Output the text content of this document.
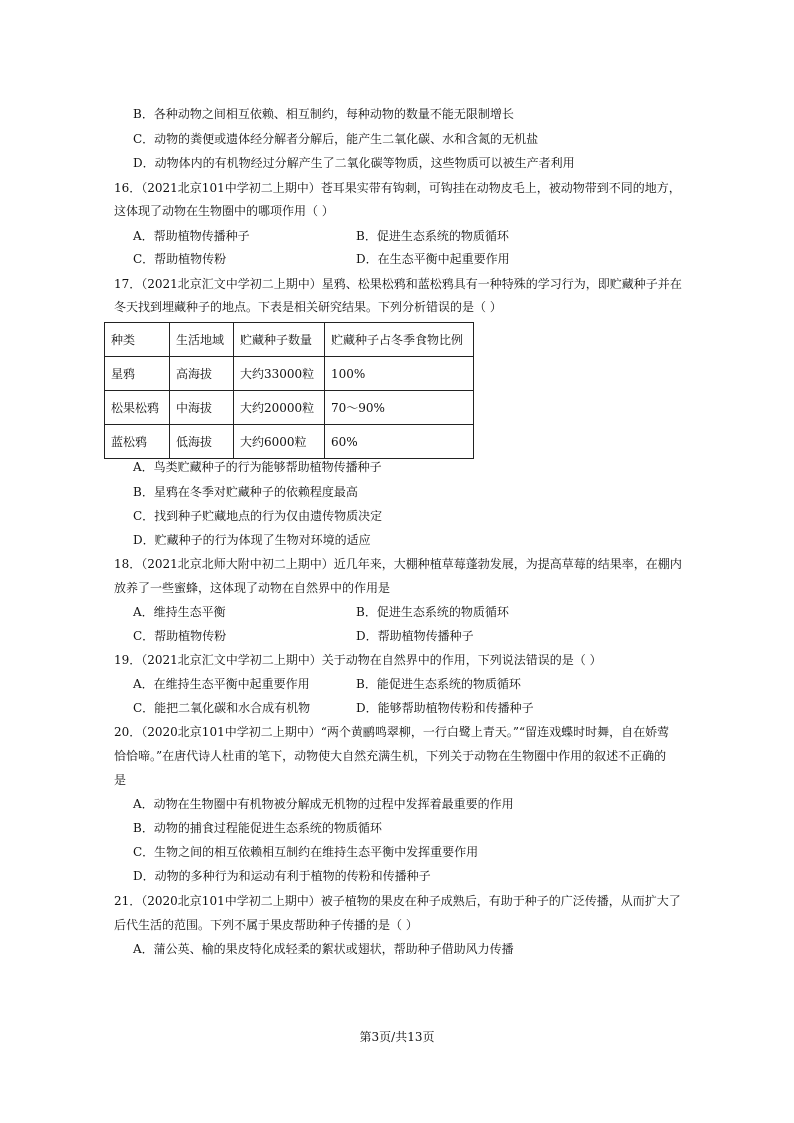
B．各种动物之间相互依赖、相互制约，每种动物的数量不能无限制增长
C．动物的粪便或遗体经分解者分解后，能产生二氧化碳、水和含氮的无机盐
D．动物体内的有机物经过分解产生了二氧化碳等物质，这些物质可以被生产者利用
16．（2021北京101中学初二上期中）苍耳果实带有钩刺，可钩挂在动物皮毛上，被动物带到不同的地方，
这体现了动物在生物圈中的哪项作用（ ）
A．帮助植物传播种子	B．促进生态系统的物质循环
C．帮助植物传粉	D．在生态平衡中起重要作用
17．（2021北京汇文中学初二上期中）星鸦、松果松鸦和蓝松鸦具有一种特殊的学习行为，即贮藏种子并在
冬天找到埋藏种子的地点。下表是相关研究结果。下列分析错误的是（ ）
种类	生活地域	贮藏种子数量	贮藏种子占冬季食物比例
星鸦	高海拔	大约33000粒	100%
松果松鸦	中海拔	大约20000粒	70～90%
蓝松鸦	低海拔	大约6000粒	60%
A．鸟类贮藏种子的行为能够帮助植物传播种子
B．星鸦在冬季对贮藏种子的依赖程度最高
C．找到种子贮藏地点的行为仅由遗传物质决定
D．贮藏种子的行为体现了生物对环境的适应
18．（2021北京北师大附中初二上期中）近几年来，大棚种植草莓蓬勃发展，为提高草莓的结果率，在棚内
放养了一些蜜蜂，这体现了动物在自然界中的作用是
A．维持生态平衡	B．促进生态系统的物质循环
C．帮助植物传粉	D．帮助植物传播种子
19．（2021北京汇文中学初二上期中）关于动物在自然界中的作用，下列说法错误的是（ ）
A．在维持生态平衡中起重要作用	B．能促进生态系统的物质循环
C．能把二氧化碳和水合成有机物	D．能够帮助植物传粉和传播种子
20．（2020北京101中学初二上期中）“两个黄鹂鸣翠柳，一行白鹭上青天。”“留连戏蝶时时舞，自在娇莺
恰恰啼。”在唐代诗人杜甫的笔下，动物使大自然充满生机，下列关于动物在生物圈中作用的叙述不正确的
是
A．动物在生物圈中有机物被分解成无机物的过程中发挥着最重要的作用
B．动物的捕食过程能促进生态系统的物质循环
C．生物之间的相互依赖相互制约在维持生态平衡中发挥重要作用
D．动物的多种行为和运动有利于植物的传粉和传播种子
21．（2020北京101中学初二上期中）被子植物的果皮在种子成熟后，有助于种子的广泛传播，从而扩大了
后代生活的范围。下列不属于果皮帮助种子传播的是（ ）
A．蒲公英、榆的果皮特化成轻柔的絮状或翅状，帮助种子借助风力传播
第3页/共13页
